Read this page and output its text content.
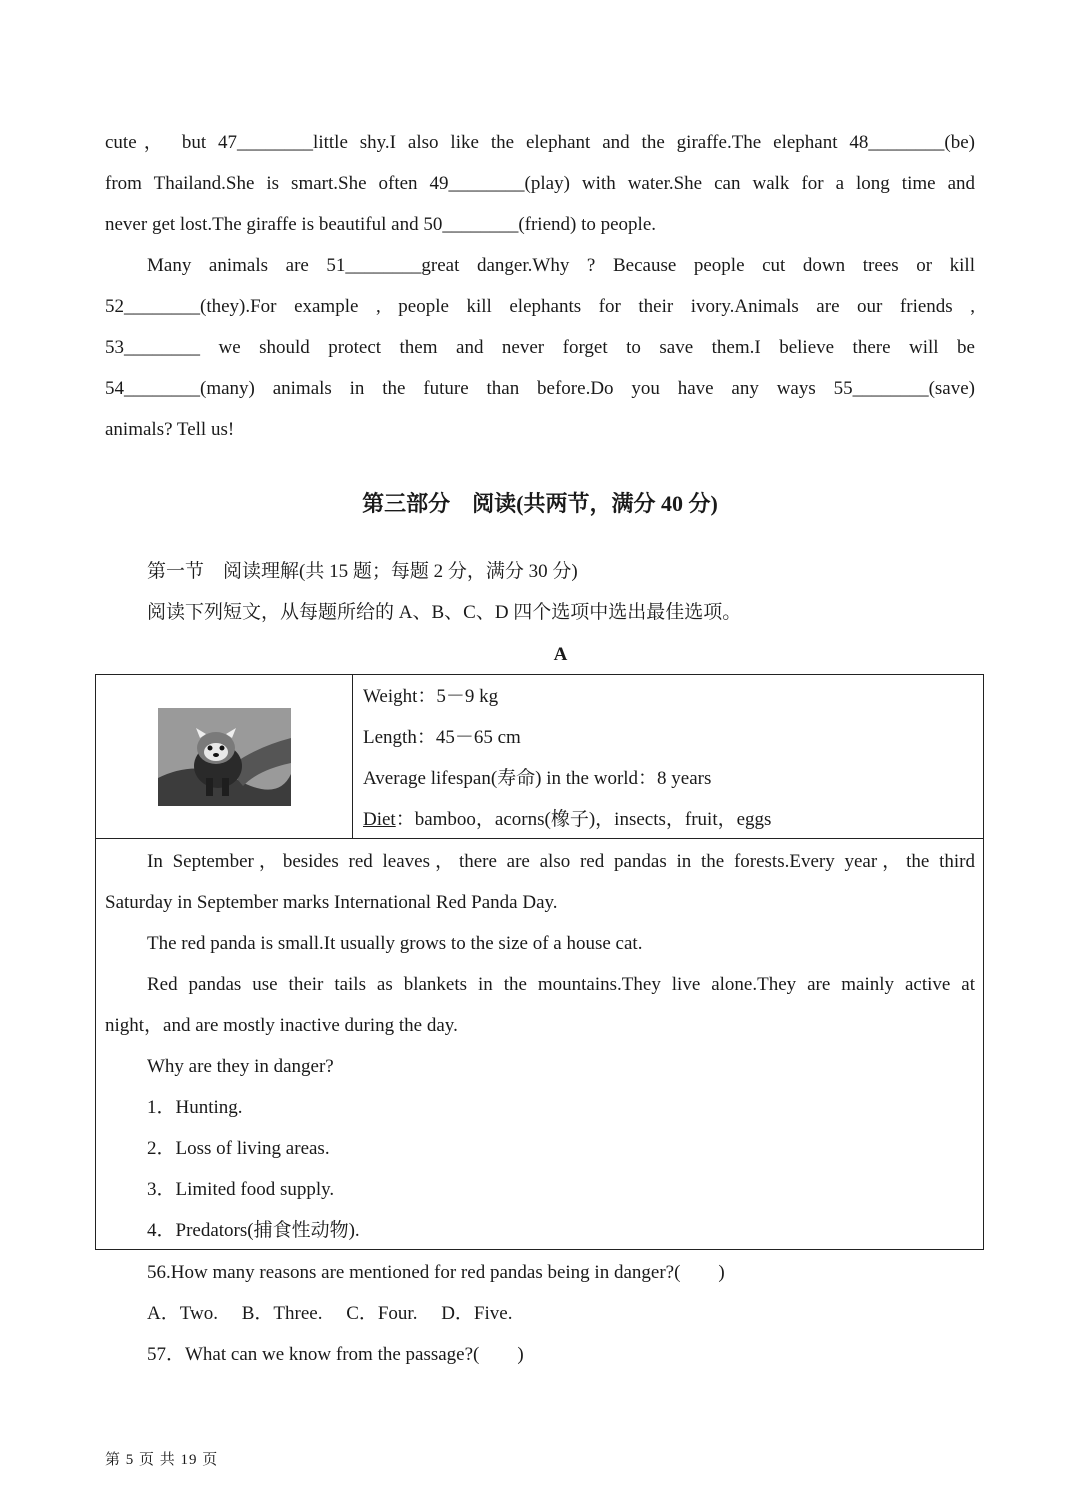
cute， but 47________little shy.I also like the elephant and the giraffe.The elephant 48________(be)
from Thailand.She is smart.She often 49________(play) with water.She can walk for a long time and
never get lost.The giraffe is beautiful and 50________(friend) to people.
Many animals are 51________great danger.Why ? Because people cut down trees or kill
52________(they).For example , people kill elephants for their ivory.Animals are our friends ,
53________ we should protect them and never forget to save them.I believe there will be
54________(many) animals in the future than before.Do you have any ways 55________(save)
animals? Tell us!
第三部分　阅读(共两节，满分 40 分)
第一节　阅读理解(共 15 题；每题 2 分，满分 30 分)
阅读下列短文，从每题所给的 A、B、C、D 四个选项中选出最佳选项。
A
Weight：5－9 kg
Length：45－65 cm
Average lifespan(寿命) in the world：8 years
Diet：bamboo，acorns(橡子)，insects，fruit，eggs
In September，besides red leaves，there are also red pandas in the forests.Every year，the third
Saturday in September marks International Red Panda Day.
The red panda is small.It usually grows to the size of a house cat.
Red pandas use their tails as blankets in the mountains.They live alone.They are mainly active at
night，and are mostly inactive during the day.
Why are they in danger?
1．Hunting.
2．Loss of living areas.
3．Limited food supply.
4．Predators(捕食性动物).
56.How many reasons are mentioned for red pandas being in danger?(  )
A．Two.  B．Three.  C．Four.  D．Five.
57．What can we know from the passage?(  )
第 5 页 共 19 页
